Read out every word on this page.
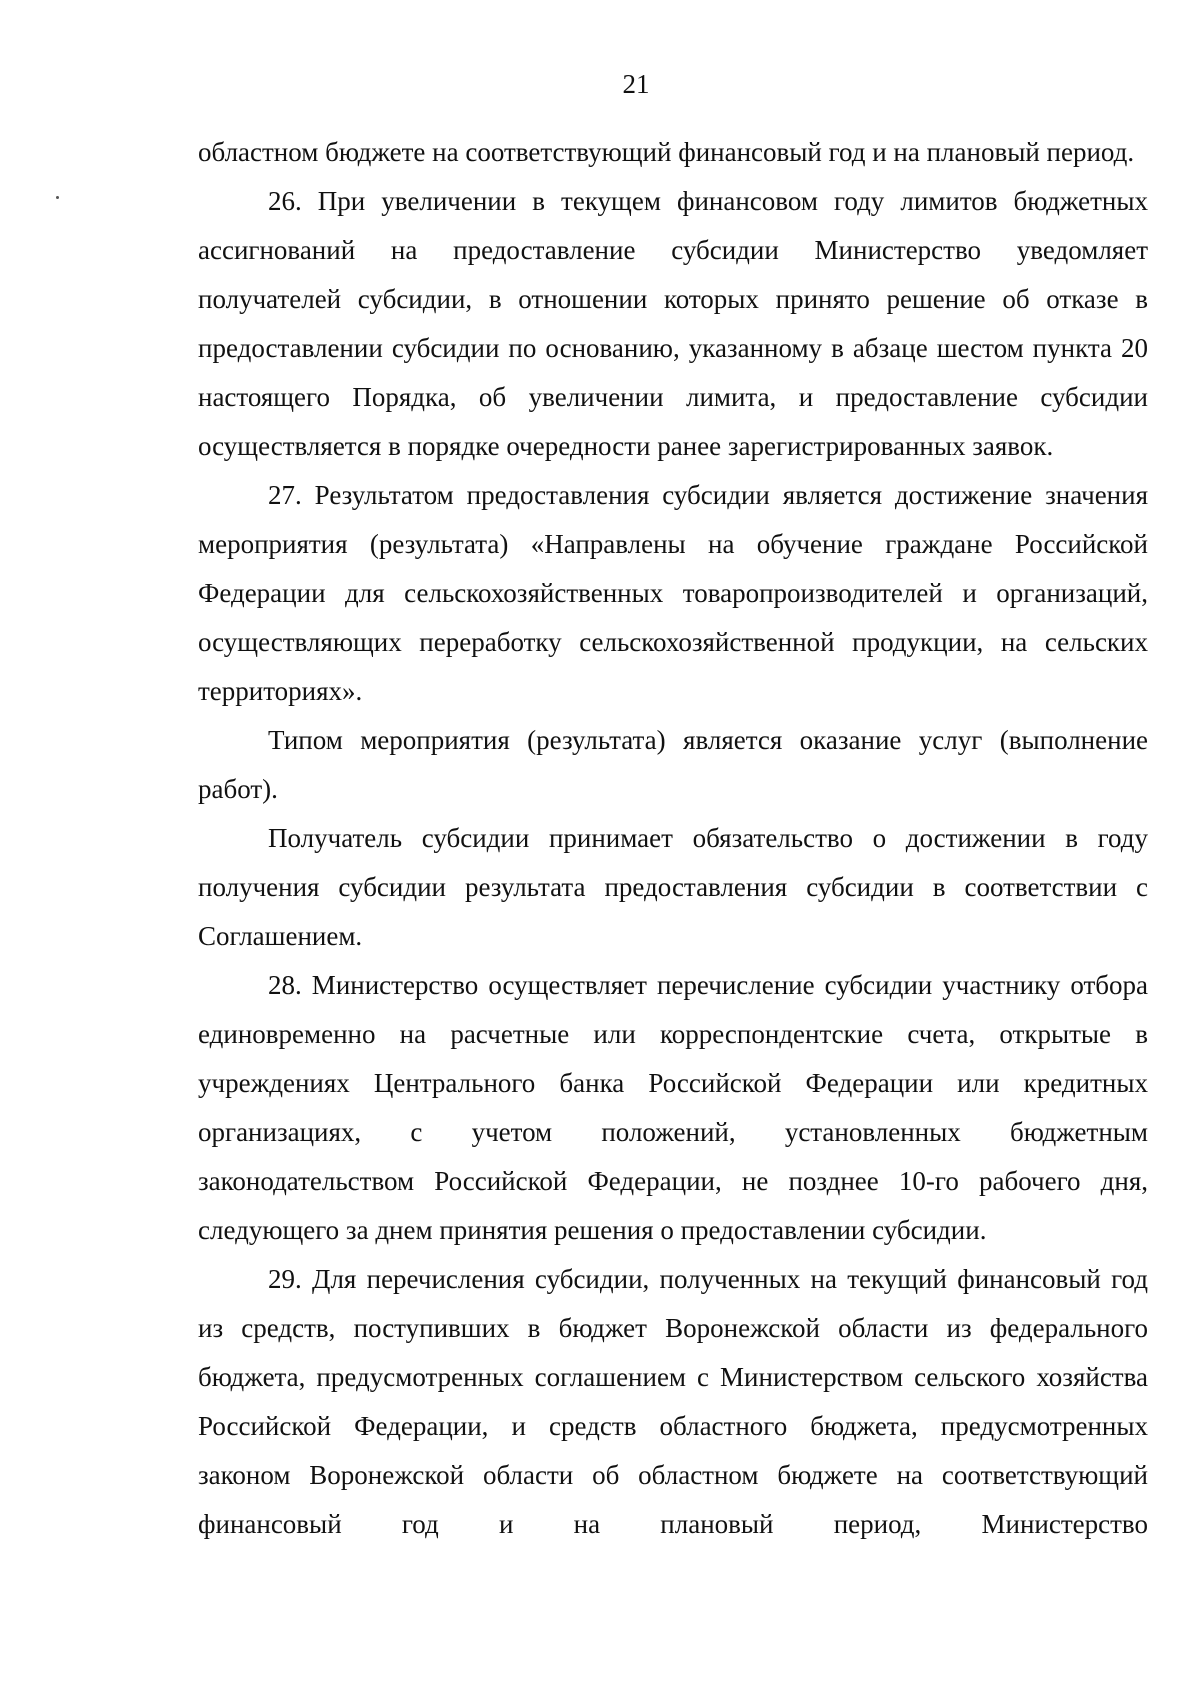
21

областном бюджете на соответствующий финансовый год и на плановый период.

26. При увеличении в текущем финансовом году лимитов бюджетных ассигнований на предоставление субсидии Министерство уведомляет получателей субсидии, в отношении которых принято решение об отказе в предоставлении субсидии по основанию, указанному в абзаце шестом пункта 20 настоящего Порядка, об увеличении лимита, и предоставление субсидии осуществляется в порядке очередности ранее зарегистрированных заявок.

27. Результатом предоставления субсидии является достижение значения мероприятия (результата) «Направлены на обучение граждане Российской Федерации для сельскохозяйственных товаропроизводителей и организаций, осуществляющих переработку сельскохозяйственной продукции, на сельских территориях».

Типом мероприятия (результата) является оказание услуг (выполнение работ).

Получатель субсидии принимает обязательство о достижении в году получения субсидии результата предоставления субсидии в соответствии с Соглашением.

28. Министерство осуществляет перечисление субсидии участнику отбора единовременно на расчетные или корреспондентские счета, открытые в учреждениях Центрального банка Российской Федерации или кредитных организациях, с учетом положений, установленных бюджетным законодательством Российской Федерации, не позднее 10-го рабочего дня, следующего за днем принятия решения о предоставлении субсидии.

29. Для перечисления субсидии, полученных на текущий финансовый год из средств, поступивших в бюджет Воронежской области из федерального бюджета, предусмотренных соглашением с Министерством сельского хозяйства Российской Федерации, и средств областного бюджета, предусмотренных законом Воронежской области об областном бюджете на соответствующий финансовый год и на плановый период, Министерство
